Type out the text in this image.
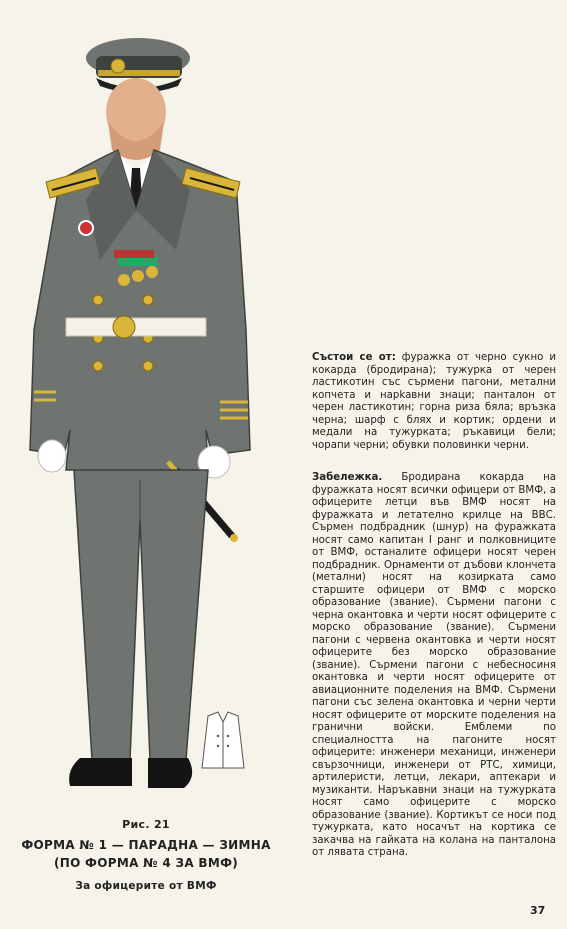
Рис. 21
ФОРМА № 1 — ПАРАДНА — ЗИМНА
(ПО ФОРМА № 4 ЗА ВМФ)
За офицерите от ВМФ

Състои се от: фуражка от черно сукно и кокарда (бродирана); тужурка от черен ластикотин със сърмени пагони, метални копчета и нарkaвни знаци; панталон от черен ластикотин; горна риза бяла; връзка черна; шарф с блях и кортик; ордени и медали на тужурката; ръкавици бели; чорапи черни; обувки половинки черни.

Забележка. Бродирана кокарда на фуражката носят всички офицери от ВМФ, а офицерите летци във ВМФ носят на фуражката и летателно крилце на ВВС. Сърмен подбрадник (шнур) на фуражката носят само капитан I ранг и полковниците от ВМФ, останалите офицери носят черен подбрадник. Орнаменти от дъбови клончета (метални) носят на козирката само старшите офицери от ВМФ с морско образование (звание). Сърмени пагони с черна окантовка и черти носят офицерите с морско образование (звание). Сърмени пагони с червена окантовка и черти носят офицерите без морско образование (звание). Сърмени пагони с небесносиня окантовка и черти носят офицерите от авиационните поделения на ВМФ. Сърмени пагони със зелена окантовка и черни черти носят офицерите от морските поделения на гранични войски. Емблеми по специалността на пагоните носят офицерите: инженери механици, инженери свързочници, инженери от РТС, химици, артилеристи, летци, лекари, аптекари и музиканти. Наръкавни знаци на тужурката носят само офицерите с морско образование (звание). Кортикът се носи под тужурката, като носачът на кортика се закачва на гайката на колана на панталона от лявата страна.

37
